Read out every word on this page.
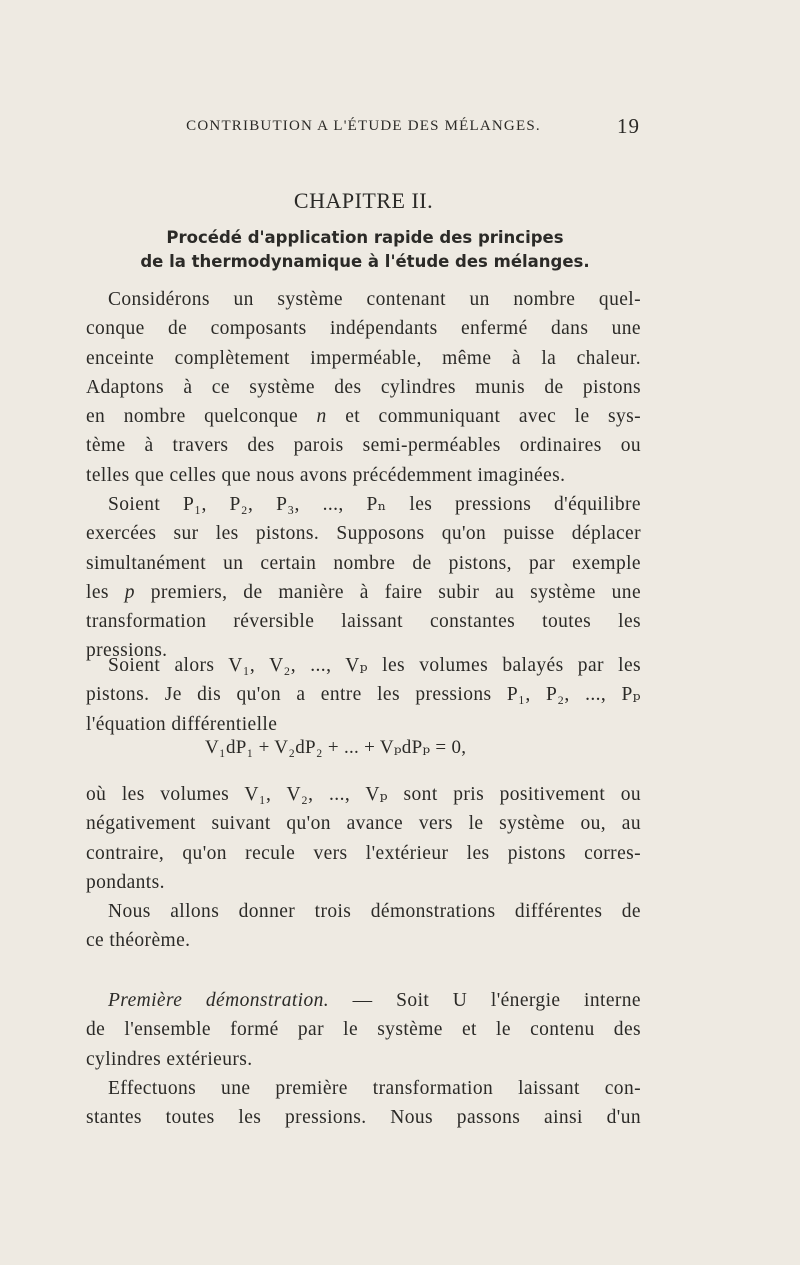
CONTRIBUTION A L'ÉTUDE DES MÉLANGES.	19
CHAPITRE II.
Procédé d'application rapide des principes
de la thermodynamique à l'étude des mélanges.
Considérons un système contenant un nombre quel-
conque de composants indépendants enfermé dans une
enceinte complètement imperméable, même à la chaleur.
Adaptons à ce système des cylindres munis de pistons
en nombre quelconque n et communiquant avec le sys-
tème à travers des parois semi-perméables ordinaires ou
telles que celles que nous avons précédemment imaginées.
Soient P₁, P₂, P₃, ..., Pₙ les pressions d'équilibre
exercées sur les pistons. Supposons qu'on puisse déplacer
simultanément un certain nombre de pistons, par exemple
les p premiers, de manière à faire subir au système une
transformation réversible laissant constantes toutes les
pressions.
Soient alors V₁, V₂, ..., Vₚ les volumes balayés par les
pistons. Je dis qu'on a entre les pressions P₁, P₂, ..., Pₚ
l'équation différentielle
V₁dP₁ + V₂dP₂ + ... + VₚdPₚ = 0,
où les volumes V₁, V₂, ..., Vₚ sont pris positivement ou
négativement suivant qu'on avance vers le système ou, au
contraire, qu'on recule vers l'extérieur les pistons corres-
pondants.
Nous allons donner trois démonstrations différentes de
ce théorème.
Première démonstration. — Soit U l'énergie interne
de l'ensemble formé par le système et le contenu des
cylindres extérieurs.
Effectuons une première transformation laissant con-
stantes toutes les pressions. Nous passons ainsi d'un
